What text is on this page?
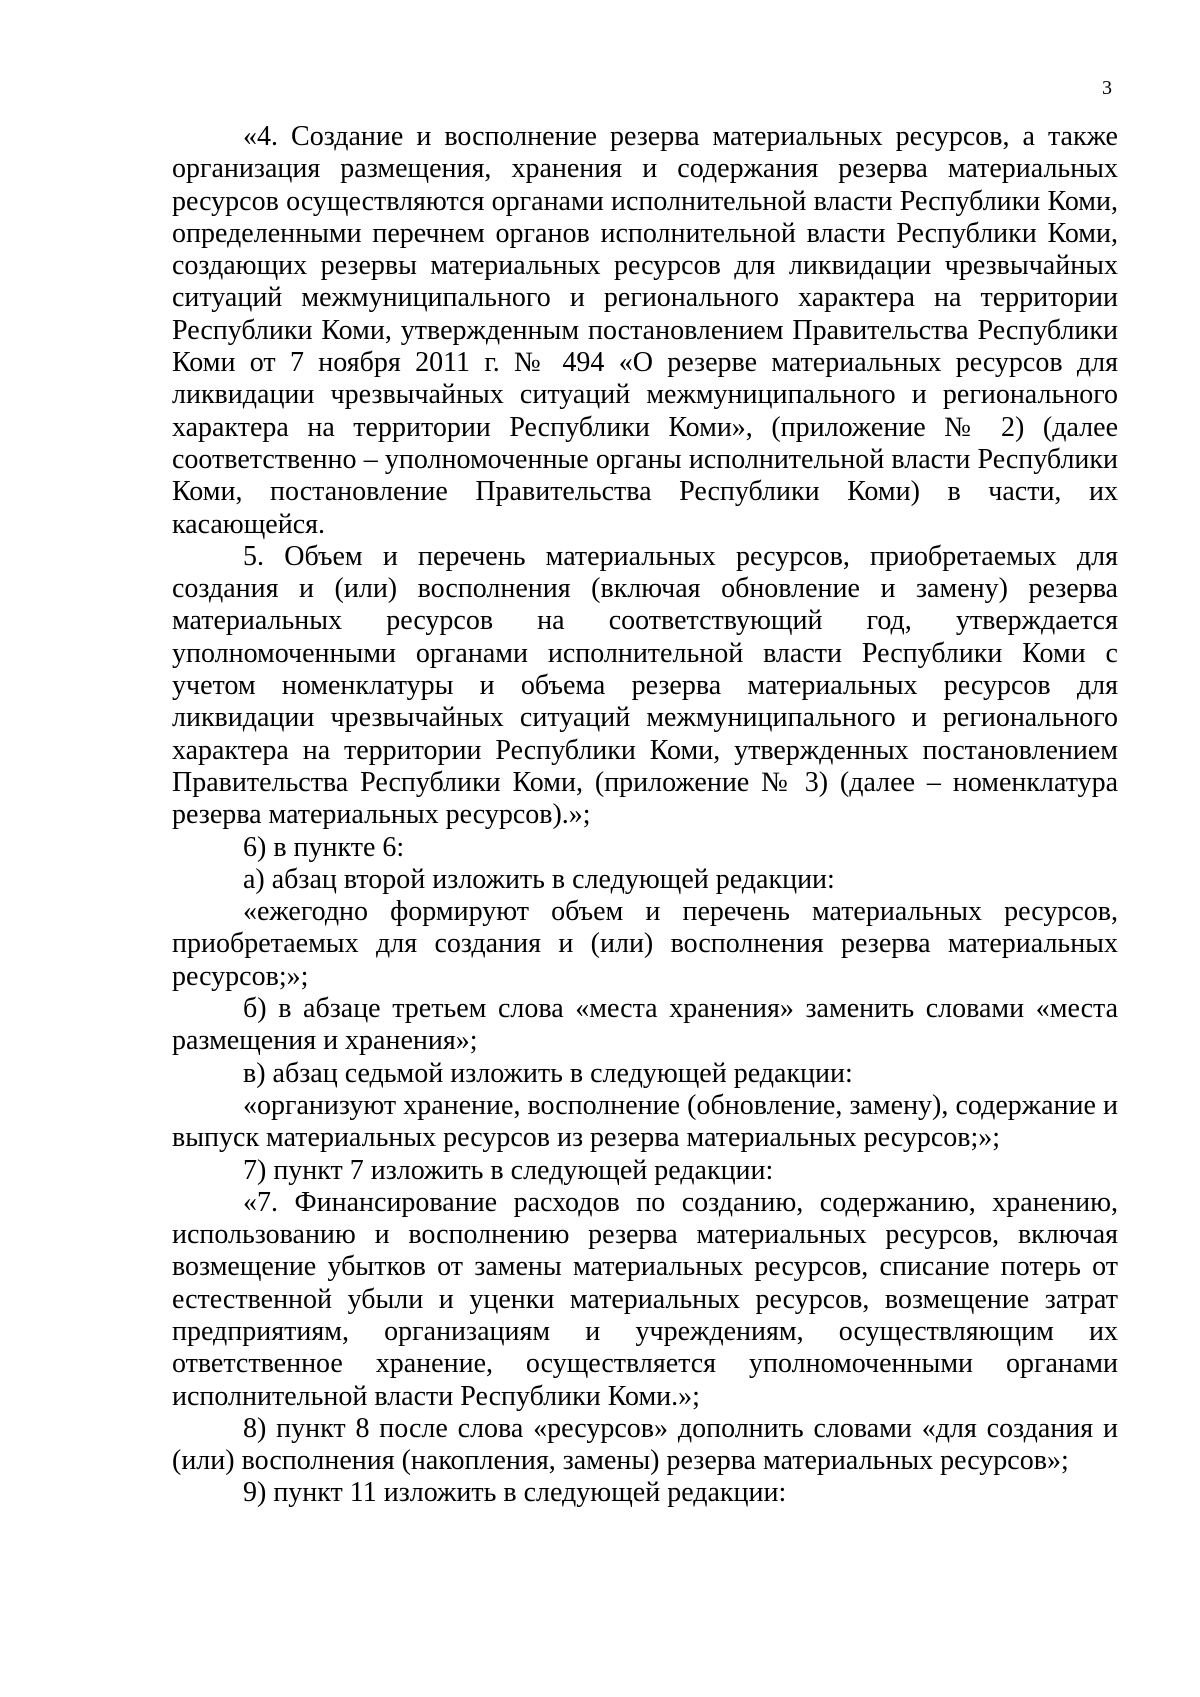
3

«4. Создание и восполнение резерва материальных ресурсов, а также организация размещения, хранения и содержания резерва материальных ресурсов осуществляются органами исполнительной власти Республики Коми, определенными перечнем органов исполнительной власти Республики Коми, создающих резервы материальных ресурсов для ликвидации чрезвычайных ситуаций межмуниципального и регионального характера на территории Республики Коми, утвержденным постановлением Правительства Республики Коми от 7 ноября 2011 г. № 494 «О резерве материальных ресурсов для ликвидации чрезвычайных ситуаций межмуниципального и регионального характера на территории Республики Коми», (приложение № 2) (далее соответственно – уполномоченные органы исполнительной власти Республики Коми, постановление Правительства Республики Коми) в части, их касающейся.

5. Объем и перечень материальных ресурсов, приобретаемых для создания и (или) восполнения (включая обновление и замену) резерва материальных ресурсов на соответствующий год, утверждается уполномоченными органами исполнительной власти Республики Коми с учетом номенклатуры и объема резерва материальных ресурсов для ликвидации чрезвычайных ситуаций межмуниципального и регионального характера на территории Республики Коми, утвержденных постановлением Правительства Республики Коми, (приложение № 3) (далее – номенклатура резерва материальных ресурсов).»;

6) в пункте 6:

а) абзац второй изложить в следующей редакции:

«ежегодно формируют объем и перечень материальных ресурсов, приобретаемых для создания и (или) восполнения резерва материальных ресурсов;»;

б) в абзаце третьем слова «места хранения» заменить словами «места размещения и хранения»;

в) абзац седьмой изложить в следующей редакции:

«организуют хранение, восполнение (обновление, замену), содержание и выпуск материальных ресурсов из резерва материальных ресурсов;»;

7) пункт 7 изложить в следующей редакции:

«7. Финансирование расходов по созданию, содержанию, хранению, использованию и восполнению резерва материальных ресурсов, включая возмещение убытков от замены материальных ресурсов, списание потерь от естественной убыли и уценки материальных ресурсов, возмещение затрат предприятиям, организациям и учреждениям, осуществляющим их ответственное хранение, осуществляется уполномоченными органами исполнительной власти Республики Коми.»;

8) пункт 8 после слова «ресурсов» дополнить словами «для создания и (или) восполнения (накопления, замены) резерва материальных ресурсов»;

9) пункт 11 изложить в следующей редакции:
